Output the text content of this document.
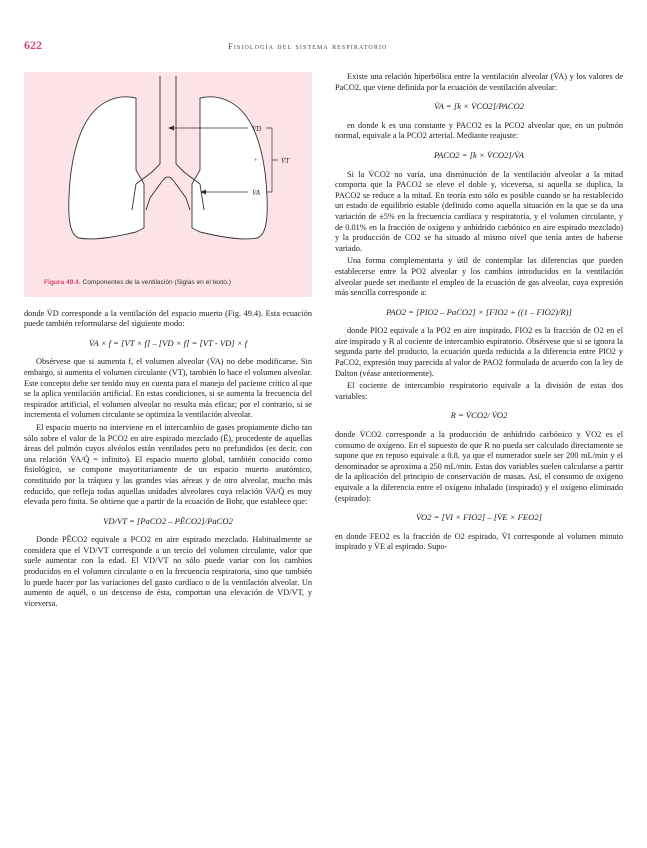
622	Fisiología del sistema respiratorio

V̇D
+
V̇A
V̇T

Figura 49.4. Componentes de la ventilación (Siglas en el texto.)

donde V̇D corresponde a la ventilación del espacio muerto (Fig. 49.4). Esta ecuación puede también reformularse del siguiente modo:

V̇A × f = [VT × f] – [VD × f] = [VT - VD] × f

Obsérvese que si aumenta f, el volumen alveolar (V̇A) no debe modificarse. Sin embargo, si aumenta el volumen circulante (VT), también lo hace el volumen alveolar. Este concepto debe ser tenido muy en cuenta para el manejo del paciente crítico al que se la aplica ventilación artificial. En estas condiciones, si se aumenta la frecuencia del respirador artificial, el volumen alveolar no resulta más eficaz; por el contrario, si se incrementa el volumen circulante se optimiza la ventilación alveolar.

El espacio muerto no interviene en el intercambio de gases propiamente dicho tan sólo sobre el valor de la PCO2 en aire espirado mezclado (Ē), procedente de aquellas áreas del pulmón cuyos alvéolos están ventilados pero no prefundidos (es decir, con una relación V̇A/Q̇ = infinito). El espacio muerto global, también conocido como fisiológico, se compone mayoritariamente de un espacio muerto anatómico, constituido por la tráquea y las grandes vías aéreas y de otro alveolar, mucho más reducido, que refleja todas aquellas unidades alveolares cuya relación V̇A/Q̇ es muy elevada pero finita. Se obtiene que a partir de la ecuación de Bohr, que establece que:

VD/VT = [PaCO2 – PĒCO2]/PaCO2

Donde PĒCO2 equivale a PCO2 en aire espirado mezclado. Habitualmente se considera que el VD/VT corresponde a un tercio del volumen circulante, valor que suele aumentar con la edad. El VD/VT no sólo puede variar con los cambios producidos en el volumen circulante o en la frecuencia respiratoria, sino que también lo puede hacer por las variaciones del gasto cardíaco o de la ventilación alveolar. Un aumento de aquél, o un descenso de ésta, comportan una elevación de VD/VT, y viceversa.

Existe una relación hiperbólica entre la ventilación alveolar (V̇A) y los valores de PaCO2, que viene definida por la ecuación de ventilación alveolar:

V̇A = [k × V̇CO2]/PACO2

en donde k es una constante y PACO2 es la PCO2 alveolar que, en un pulmón normal, equivale a la PCO2 arterial. Mediante reajuste:

PACO2 = [k × V̇CO2]/V̇A

Si la V̇CO2 no varía, una disminución de la ventilación alveolar a la mitad comporta que la PACO2 se eleve el doble y, viceversa, si aquella se duplica, la PACO2 se reduce a la mitad. En teoría esto sólo es posible cuando se ha restablecido un estado de equilibrio estable (definido como aquella situación en la que se da una variación de ±5% en la frecuencia cardíaca y respiratoria, y el volumen circulante, y de 0.01% en la fracción de oxígeno y anhídrido carbónico en aire espirado mezclado) y la producción de CO2 se ha situado al mismo nivel que tenía antes de haberse variado.

Una forma complementaria y útil de contemplar las diferencias que pueden establecerse entre la PO2 alveolar y los cambios introducidos en la ventilación alveolar puede ser mediante el empleo de la ecuación de gas alveolar, cuya expresión más sencilla corresponde a:

PAO2 = [PIO2 – PaCO2] × [FIO2 + ((1 – FIO2)/R)]

donde PIO2 equivale a la PO2 en aire inspirado, FIO2 es la fracción de O2 en el aire inspirado y R al cociente de intercambio espiratorio. Obsérvese que si se ignora la segunda parte del producto, la ecuación queda reducida a la diferencia entre PIO2 y PaCO2, expresión muy parecida al valor de PAO2 formulada de acuerdo con la ley de Dalton (véase anteriormente).

El cociente de intercambio respiratorio equivale a la división de estas dos variables:

R = V̇CO2/ V̇O2

donde V̇CO2 corresponde a la producción de anhídrido carbónico y V̇O2 es el consumo de oxígeno. En el supuesto de que R no pueda ser calculado directamente se supone que en reposo equivale a 0.8, ya que el numerador suele ser 200 mL/min y el denominador se aproxima a 250 mL/min. Estas dos variables suelen calcularse a partir de la aplicación del principio de conservación de masas. Así, el consumo de oxígeno equivale a la diferencia entre el oxígeno inhalado (inspirado) y el oxígeno eliminado (espirado):

V̇O2 = [VI × FIO2] – [V̇E × FEO2]

en donde FEO2 es la fracción de O2 espirado, V̇I corresponde al volumen minuto inspirado y V̇E al espirado. Supo-
